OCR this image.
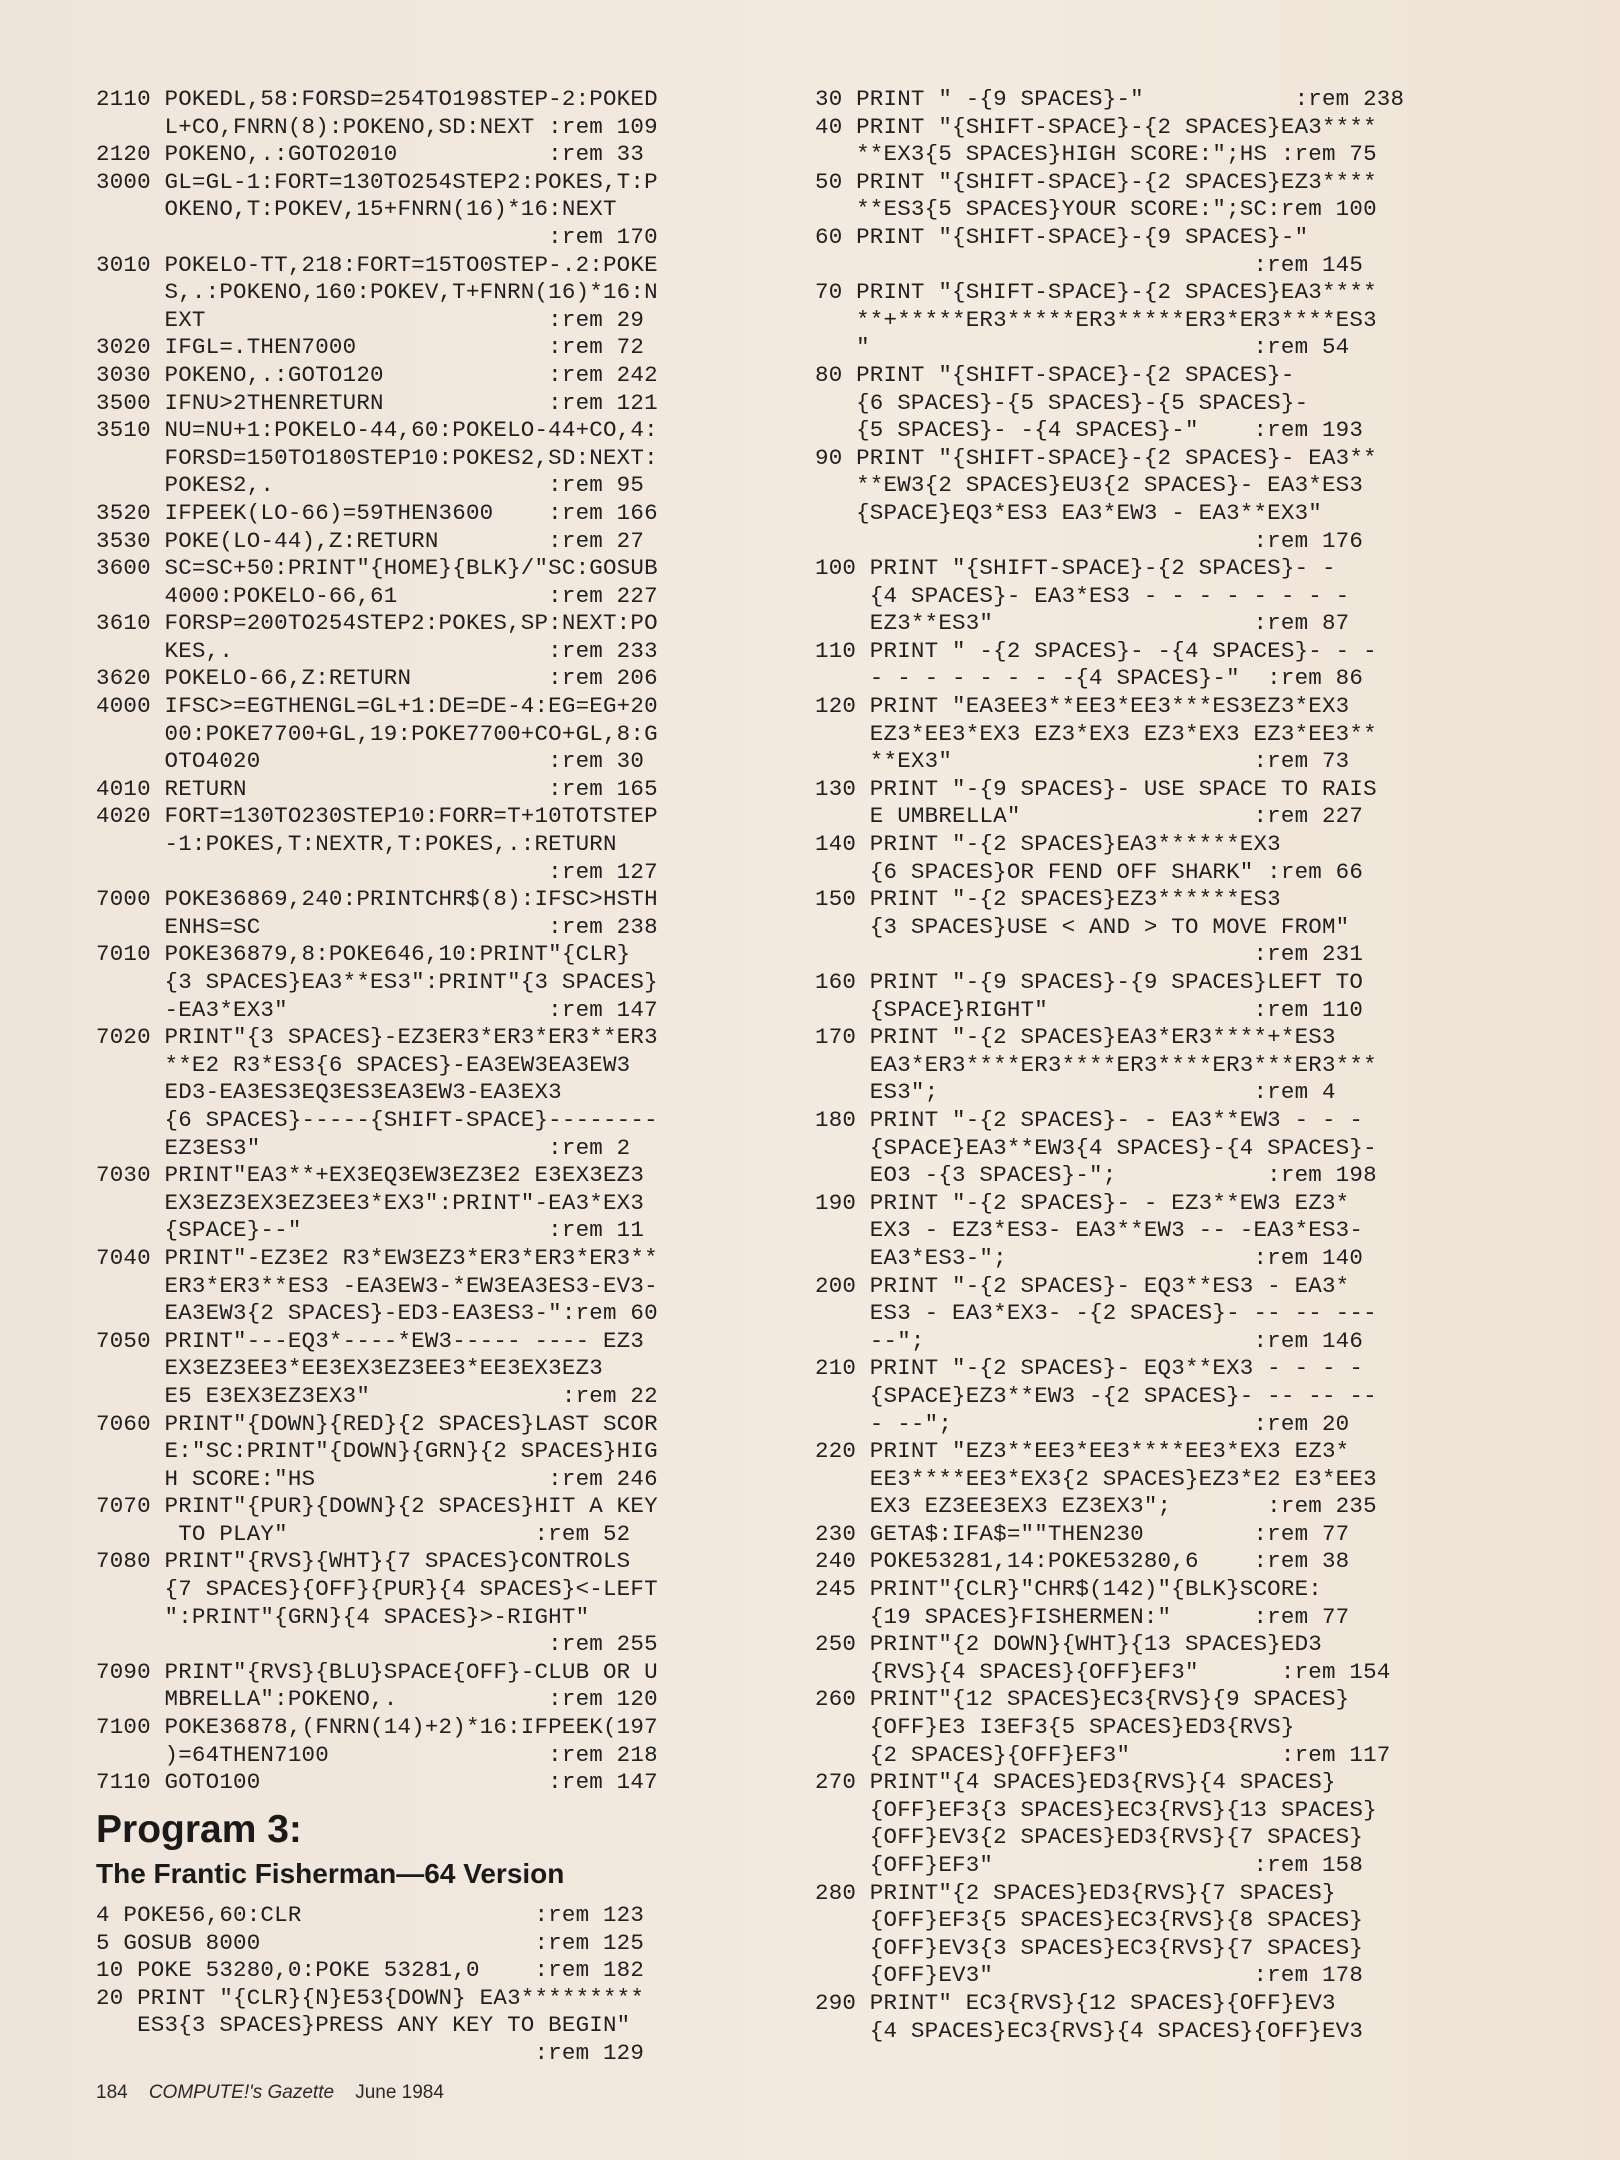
2110 POKEDL,58:FORSD=254TO198STEP-2:POKED
L+CO,FNRN(8):POKENO,SD:NEXT :rem 109
2120 POKENO,.:GOTO2010           :rem 33
3000 GL=GL-1:FORT=130TO254STEP2:POKES,T:P
OKENO,T:POKEV,15+FNRN(16)*16:NEXT
:rem 170
3010 POKELO-TT,218:FORT=15TO0STEP-.2:POKE
S,.:POKENO,160:POKEV,T+FNRN(16)*16:N
EXT                         :rem 29
3020 IFGL=.THEN7000              :rem 72
3030 POKENO,.:GOTO120            :rem 242
3500 IFNU>2THENRETURN            :rem 121
3510 NU=NU+1:POKELO-44,60:POKELO-44+CO,4:
FORSD=150TO180STEP10:POKES2,SD:NEXT:
POKES2,.                    :rem 95
3520 IFPEEK(LO-66)=59THEN3600    :rem 166
3530 POKE(LO-44),Z:RETURN        :rem 27
3600 SC=SC+50:PRINT"{HOME}{BLK}/"SC:GOSUB
4000:POKELO-66,61           :rem 227
3610 FORSP=200TO254STEP2:POKES,SP:NEXT:PO
KES,.                       :rem 233
3620 POKELO-66,Z:RETURN          :rem 206
4000 IFSC>=EGTHENGL=GL+1:DE=DE-4:EG=EG+20
00:POKE7700+GL,19:POKE7700+CO+GL,8:G
OTO4020                     :rem 30
4010 RETURN                      :rem 165
4020 FORT=130TO230STEP10:FORR=T+10TOTSTEP
-1:POKES,T:NEXTR,T:POKES,.:RETURN
:rem 127
7000 POKE36869,240:PRINTCHR$(8):IFSC>HSTH
ENHS=SC                     :rem 238
7010 POKE36879,8:POKE646,10:PRINT"{CLR}
{3 SPACES}EA3**ES3":PRINT"{3 SPACES}
-EA3*EX3"                   :rem 147
7020 PRINT"{3 SPACES}-EZ3ER3*ER3*ER3**ER3
**E2 R3*ES3{6 SPACES}-EA3EW3EA3EW3
ED3-EA3ES3EQ3ES3EA3EW3-EA3EX3
{6 SPACES}-----{SHIFT-SPACE}--------
EZ3ES3"                     :rem 2
7030 PRINT"EA3**+EX3EQ3EW3EZ3E2 E3EX3EZ3
EX3EZ3EX3EZ3EE3*EX3":PRINT"-EA3*EX3
{SPACE}--"                  :rem 11
7040 PRINT"-EZ3E2 R3*EW3EZ3*ER3*ER3*ER3**
ER3*ER3**ES3 -EA3EW3-*EW3EA3ES3-EV3-
EA3EW3{2 SPACES}-ED3-EA3ES3-":rem 60
7050 PRINT"---EQ3*----*EW3----- ---- EZ3
EX3EZ3EE3*EE3EX3EZ3EE3*EE3EX3EZ3
E5 E3EX3EZ3EX3"              :rem 22
7060 PRINT"{DOWN}{RED}{2 SPACES}LAST SCOR
E:"SC:PRINT"{DOWN}{GRN}{2 SPACES}HIG
H SCORE:"HS                 :rem 246
7070 PRINT"{PUR}{DOWN}{2 SPACES}HIT A KEY
TO PLAY"                  :rem 52
7080 PRINT"{RVS}{WHT}{7 SPACES}CONTROLS
{7 SPACES}{OFF}{PUR}{4 SPACES}<-LEFT
":PRINT"{GRN}{4 SPACES}>-RIGHT"
:rem 255
7090 PRINT"{RVS}{BLU}SPACE{OFF}-CLUB OR U
MBRELLA":POKENO,.           :rem 120
7100 POKE36878,(FNRN(14)+2)*16:IFPEEK(197
)=64THEN7100                :rem 218
7110 GOTO100                     :rem 147
Program 3:
The Frantic Fisherman—64 Version
4 POKE56,60:CLR                 :rem 123
5 GOSUB 8000                    :rem 125
10 POKE 53280,0:POKE 53281,0    :rem 182
20 PRINT "{CLR}{N}E53{DOWN} EA3*********
ES3{3 SPACES}PRESS ANY KEY TO BEGIN"
:rem 129
30 PRINT " -{9 SPACES}-"           :rem 238
40 PRINT "{SHIFT-SPACE}-{2 SPACES}EA3****
**EX3{5 SPACES}HIGH SCORE:";HS :rem 75
50 PRINT "{SHIFT-SPACE}-{2 SPACES}EZ3****
**ES3{5 SPACES}YOUR SCORE:";SC:rem 100
60 PRINT "{SHIFT-SPACE}-{9 SPACES}-"
:rem 145
70 PRINT "{SHIFT-SPACE}-{2 SPACES}EA3****
**+*****ER3*****ER3*****ER3*ER3****ES3
"                            :rem 54
80 PRINT "{SHIFT-SPACE}-{2 SPACES}-
{6 SPACES}-{5 SPACES}-{5 SPACES}-
{5 SPACES}- -{4 SPACES}-"    :rem 193
90 PRINT "{SHIFT-SPACE}-{2 SPACES}- EA3**
**EW3{2 SPACES}EU3{2 SPACES}- EA3*ES3
{SPACE}EQ3*ES3 EA3*EW3 - EA3**EX3"
:rem 176
100 PRINT "{SHIFT-SPACE}-{2 SPACES}- -
{4 SPACES}- EA3*ES3 - - - - - - - -
EZ3**ES3"                   :rem 87
110 PRINT " -{2 SPACES}- -{4 SPACES}- - -
- - - - - - - -{4 SPACES}-"  :rem 86
120 PRINT "EA3EE3**EE3*EE3***ES3EZ3*EX3
EZ3*EE3*EX3 EZ3*EX3 EZ3*EX3 EZ3*EE3**
**EX3"                      :rem 73
130 PRINT "-{9 SPACES}- USE SPACE TO RAIS
E UMBRELLA"                 :rem 227
140 PRINT "-{2 SPACES}EA3******EX3
{6 SPACES}OR FEND OFF SHARK" :rem 66
150 PRINT "-{2 SPACES}EZ3******ES3
{3 SPACES}USE < AND > TO MOVE FROM"
:rem 231
160 PRINT "-{9 SPACES}-{9 SPACES}LEFT TO
{SPACE}RIGHT"               :rem 110
170 PRINT "-{2 SPACES}EA3*ER3****+*ES3
EA3*ER3****ER3****ER3****ER3***ER3***
ES3";                       :rem 4
180 PRINT "-{2 SPACES}- - EA3**EW3 - - -
{SPACE}EA3**EW3{4 SPACES}-{4 SPACES}-
EO3 -{3 SPACES}-";           :rem 198
190 PRINT "-{2 SPACES}- - EZ3**EW3 EZ3*
EX3 - EZ3*ES3- EA3**EW3 -- -EA3*ES3-
EA3*ES3-";                  :rem 140
200 PRINT "-{2 SPACES}- EQ3**ES3 - EA3*
ES3 - EA3*EX3- -{2 SPACES}- -- -- ---
--";                        :rem 146
210 PRINT "-{2 SPACES}- EQ3**EX3 - - - -
{SPACE}EZ3**EW3 -{2 SPACES}- -- -- --
- --";                      :rem 20
220 PRINT "EZ3**EE3*EE3****EE3*EX3 EZ3*
EE3****EE3*EX3{2 SPACES}EZ3*E2 E3*EE3
EX3 EZ3EE3EX3 EZ3EX3";       :rem 235
230 GETA$:IFA$=""THEN230        :rem 77
240 POKE53281,14:POKE53280,6    :rem 38
245 PRINT"{CLR}"CHR$(142)"{BLK}SCORE:
{19 SPACES}FISHERMEN:"      :rem 77
250 PRINT"{2 DOWN}{WHT}{13 SPACES}ED3
{RVS}{4 SPACES}{OFF}EF3"      :rem 154
260 PRINT"{12 SPACES}EC3{RVS}{9 SPACES}
{OFF}E3 I3EF3{5 SPACES}ED3{RVS}
{2 SPACES}{OFF}EF3"           :rem 117
270 PRINT"{4 SPACES}ED3{RVS}{4 SPACES}
{OFF}EF3{3 SPACES}EC3{RVS}{13 SPACES}
{OFF}EV3{2 SPACES}ED3{RVS}{7 SPACES}
{OFF}EF3"                   :rem 158
280 PRINT"{2 SPACES}ED3{RVS}{7 SPACES}
{OFF}EF3{5 SPACES}EC3{RVS}{8 SPACES}
{OFF}EV3{3 SPACES}EC3{RVS}{7 SPACES}
{OFF}EV3"                   :rem 178
290 PRINT" EC3{RVS}{12 SPACES}{OFF}EV3
{4 SPACES}EC3{RVS}{4 SPACES}{OFF}EV3
184 COMPUTE!'s Gazette June 1984
